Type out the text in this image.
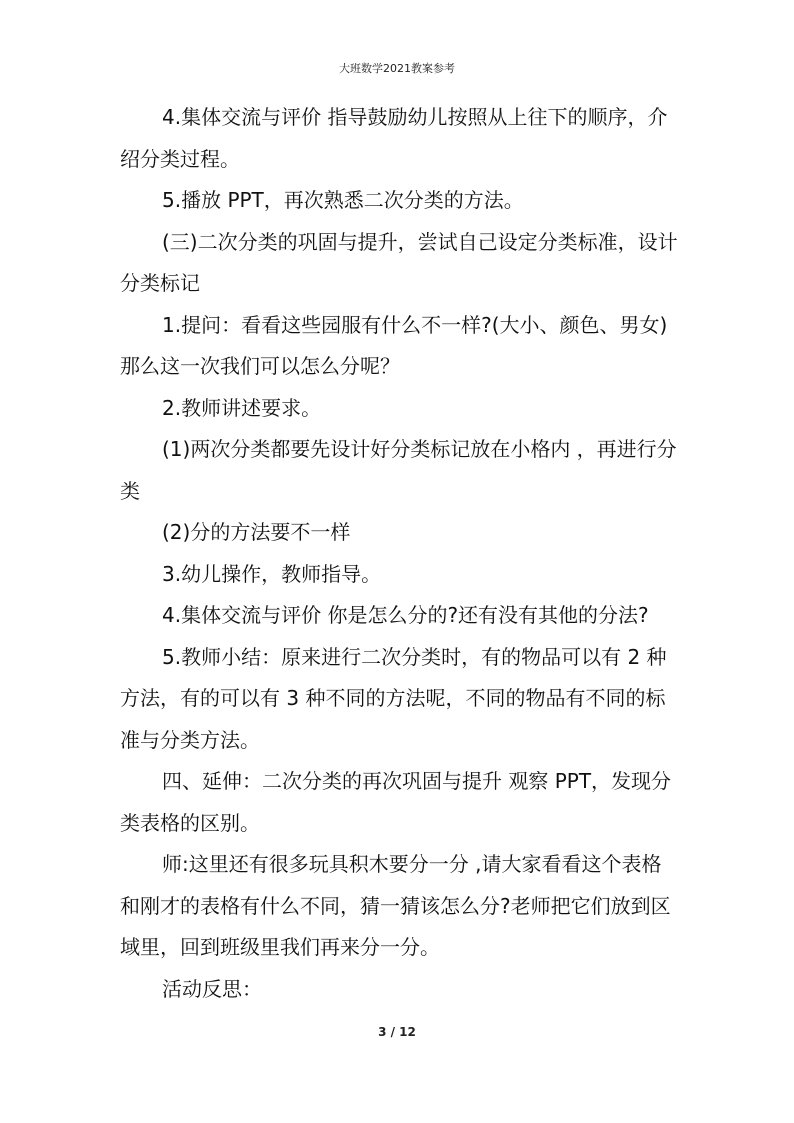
大班数学2021教案参考

4.集体交流与评价 指导鼓励幼儿按照从上往下的顺序，介绍分类过程。

5.播放 PPT，再次熟悉二次分类的方法。

(三)二次分类的巩固与提升，尝试自己设定分类标准，设计分类标记

1.提问：看看这些园服有什么不一样?(大小、颜色、男女)那么这一次我们可以怎么分呢？

2.教师讲述要求。

(1)两次分类都要先设计好分类标记放在小格内 ，再进行分类

(2)分的方法要不一样

3.幼儿操作，教师指导。

4.集体交流与评价 你是怎么分的?还有没有其他的分法?

5.教师小结：原来进行二次分类时，有的物品可以有 2 种方法，有的可以有 3 种不同的方法呢，不同的物品有不同的标准与分类方法。

四、延伸：二次分类的再次巩固与提升 观察 PPT，发现分类表格的区别。

师:这里还有很多玩具积木要分一分 ,请大家看看这个表格和刚才的表格有什么不同，猜一猜该怎么分?老师把它们放到区域里，回到班级里我们再来分一分。

活动反思：

3 / 12
